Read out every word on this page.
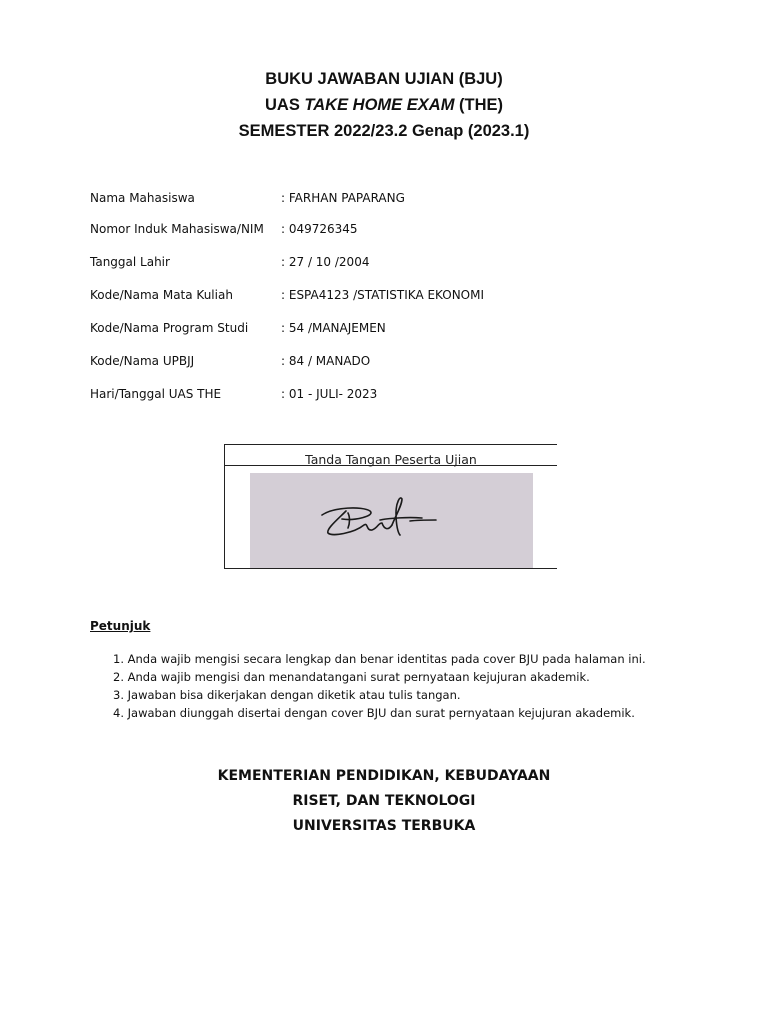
BUKU JAWABAN UJIAN (BJU)
UAS TAKE HOME EXAM (THE)
SEMESTER 2022/23.2 Genap (2023.1)
Nama Mahasiswa	: FARHAN PAPARANG
Nomor Induk Mahasiswa/NIM : 049726345
Tanggal Lahir	: 27 / 10 /2004
Kode/Nama Mata Kuliah	: ESPA4123 /STATISTIKA EKONOMI
Kode/Nama Program Studi	: 54 /MANAJEMEN
Kode/Nama UPBJJ	: 84 / MANADO
Hari/Tanggal UAS THE	: 01 - JULI- 2023
Tanda Tangan Peserta Ujian
Petunjuk
1. Anda wajib mengisi secara lengkap dan benar identitas pada cover BJU pada halaman ini.
2. Anda wajib mengisi dan menandatangani surat pernyataan kejujuran akademik.
3. Jawaban bisa dikerjakan dengan diketik atau tulis tangan.
4. Jawaban diunggah disertai dengan cover BJU dan surat pernyataan kejujuran akademik.
KEMENTERIAN PENDIDIKAN, KEBUDAYAAN
RISET, DAN TEKNOLOGI
UNIVERSITAS TERBUKA
